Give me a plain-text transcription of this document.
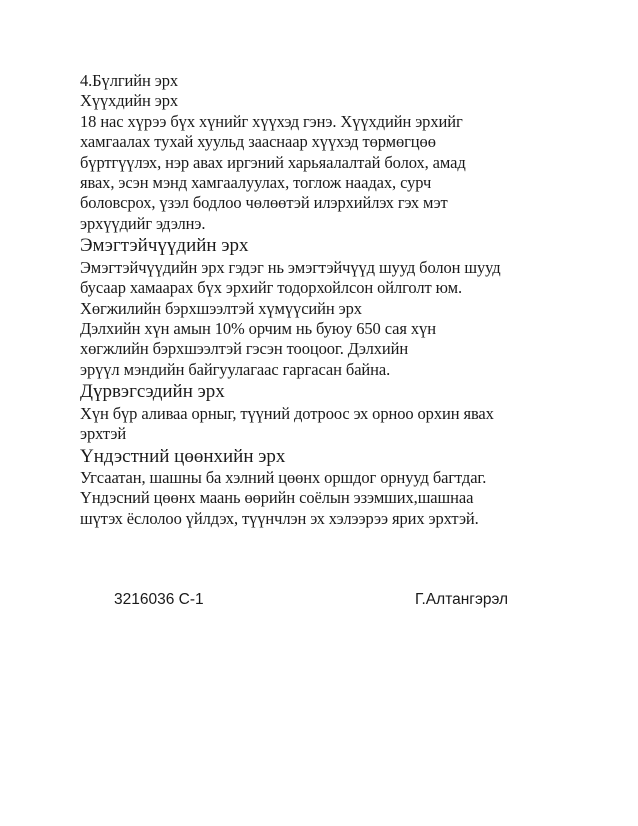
4.Бүлгийн эрх
Хүүхдийн эрх
18 нас хүрээ бүх хүнийг хүүхэд гэнэ. Хүүхдийн эрхийг
хамгаалах тухай хуульд зааснаар хүүхэд төрмөгцөө
бүртгүүлэх, нэр авах иргэний харьяалалтай болох, амад
явах, эсэн мэнд хамгаалуулах, тоглож наадах, сурч
боловсрох, үзэл бодлоо чөлөөтэй илэрхийлэх гэх мэт
эрхүүдийг эдэлнэ.
Эмэгтэйчүүдийн эрх
Эмэгтэйчүүдийн эрх гэдэг нь эмэгтэйчүүд шууд болон шууд
бусаар хамаарах бүх эрхийг тодорхойлсон ойлголт юм.
Хөгжилийн бэрхшээлтэй хүмүүсийн эрх
Дэлхийн хүн амын 10% орчим нь буюу 650 сая хүн
хөгжлийн бэрхшээлтэй гэсэн тооцоог. Дэлхийн
эрүүл мэндийн байгуулагаас гаргасан байна.
Дүрвэгсэдийн эрх
Хүн бүр аливаа орныг, түүний дотроос эх орноо орхин явах
эрхтэй
Үндэстний цөөнхийн эрх
Угсаатан, шашны ба хэлний цөөнх оршдог орнууд багтдаг.
Үндэсний цөөнх маань өөрийн соёлын эзэмших,шашнаа
шүтэх ёслолоо үйлдэх, түүнчлэн эх хэлээрээ ярих эрхтэй.
3216036 С-1	Г.Алтангэрэл
